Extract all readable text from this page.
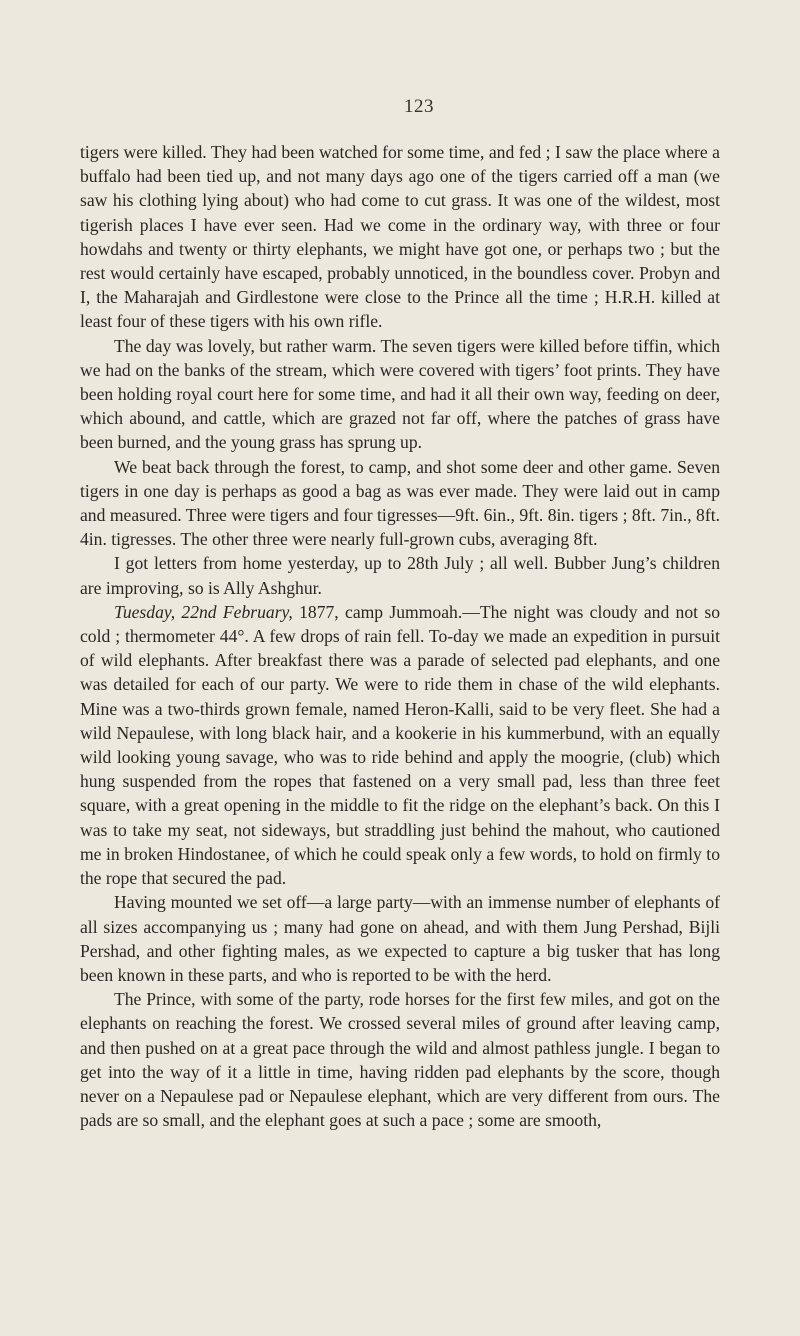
123

tigers were killed. They had been watched for some time, and fed ; I saw the place where a buffalo had been tied up, and not many days ago one of the tigers carried off a man (we saw his clothing lying about) who had come to cut grass. It was one of the wildest, most tigerish places I have ever seen. Had we come in the ordinary way, with three or four howdahs and twenty or thirty elephants, we might have got one, or perhaps two ; but the rest would certainly have escaped, probably unnoticed, in the boundless cover. Probyn and I, the Maharajah and Girdlestone were close to the Prince all the time ; H.R.H. killed at least four of these tigers with his own rifle.

The day was lovely, but rather warm. The seven tigers were killed before tiffin, which we had on the banks of the stream, which were covered with tigers’ foot prints. They have been holding royal court here for some time, and had it all their own way, feeding on deer, which abound, and cattle, which are grazed not far off, where the patches of grass have been burned, and the young grass has sprung up.

We beat back through the forest, to camp, and shot some deer and other game. Seven tigers in one day is perhaps as good a bag as was ever made. They were laid out in camp and measured. Three were tigers and four tigresses—9ft. 6in., 9ft. 8in. tigers ; 8ft. 7in., 8ft. 4in. tigresses. The other three were nearly full-grown cubs, averaging 8ft.

I got letters from home yesterday, up to 28th July ; all well. Bubber Jung’s children are improving, so is Ally Ashghur.

Tuesday, 22nd February, 1877, camp Jummoah.—The night was cloudy and not so cold ; thermometer 44°. A few drops of rain fell. To-day we made an expedition in pursuit of wild elephants. After breakfast there was a parade of selected pad elephants, and one was detailed for each of our party. We were to ride them in chase of the wild elephants. Mine was a two-thirds grown female, named Heron-Kalli, said to be very fleet. She had a wild Nepaulese, with long black hair, and a kookerie in his kummerbund, with an equally wild looking young savage, who was to ride behind and apply the moogrie, (club) which hung suspended from the ropes that fastened on a very small pad, less than three feet square, with a great opening in the middle to fit the ridge on the elephant’s back. On this I was to take my seat, not sideways, but straddling just behind the mahout, who cautioned me in broken Hindostanee, of which he could speak only a few words, to hold on firmly to the rope that secured the pad.

Having mounted we set off—a large party—with an immense number of elephants of all sizes accompanying us ; many had gone on ahead, and with them Jung Pershad, Bijli Pershad, and other fighting males, as we expected to capture a big tusker that has long been known in these parts, and who is reported to be with the herd.

The Prince, with some of the party, rode horses for the first few miles, and got on the elephants on reaching the forest. We crossed several miles of ground after leaving camp, and then pushed on at a great pace through the wild and almost pathless jungle. I began to get into the way of it a little in time, having ridden pad elephants by the score, though never on a Nepaulese pad or Nepaulese elephant, which are very different from ours. The pads are so small, and the elephant goes at such a pace ; some are smooth,
